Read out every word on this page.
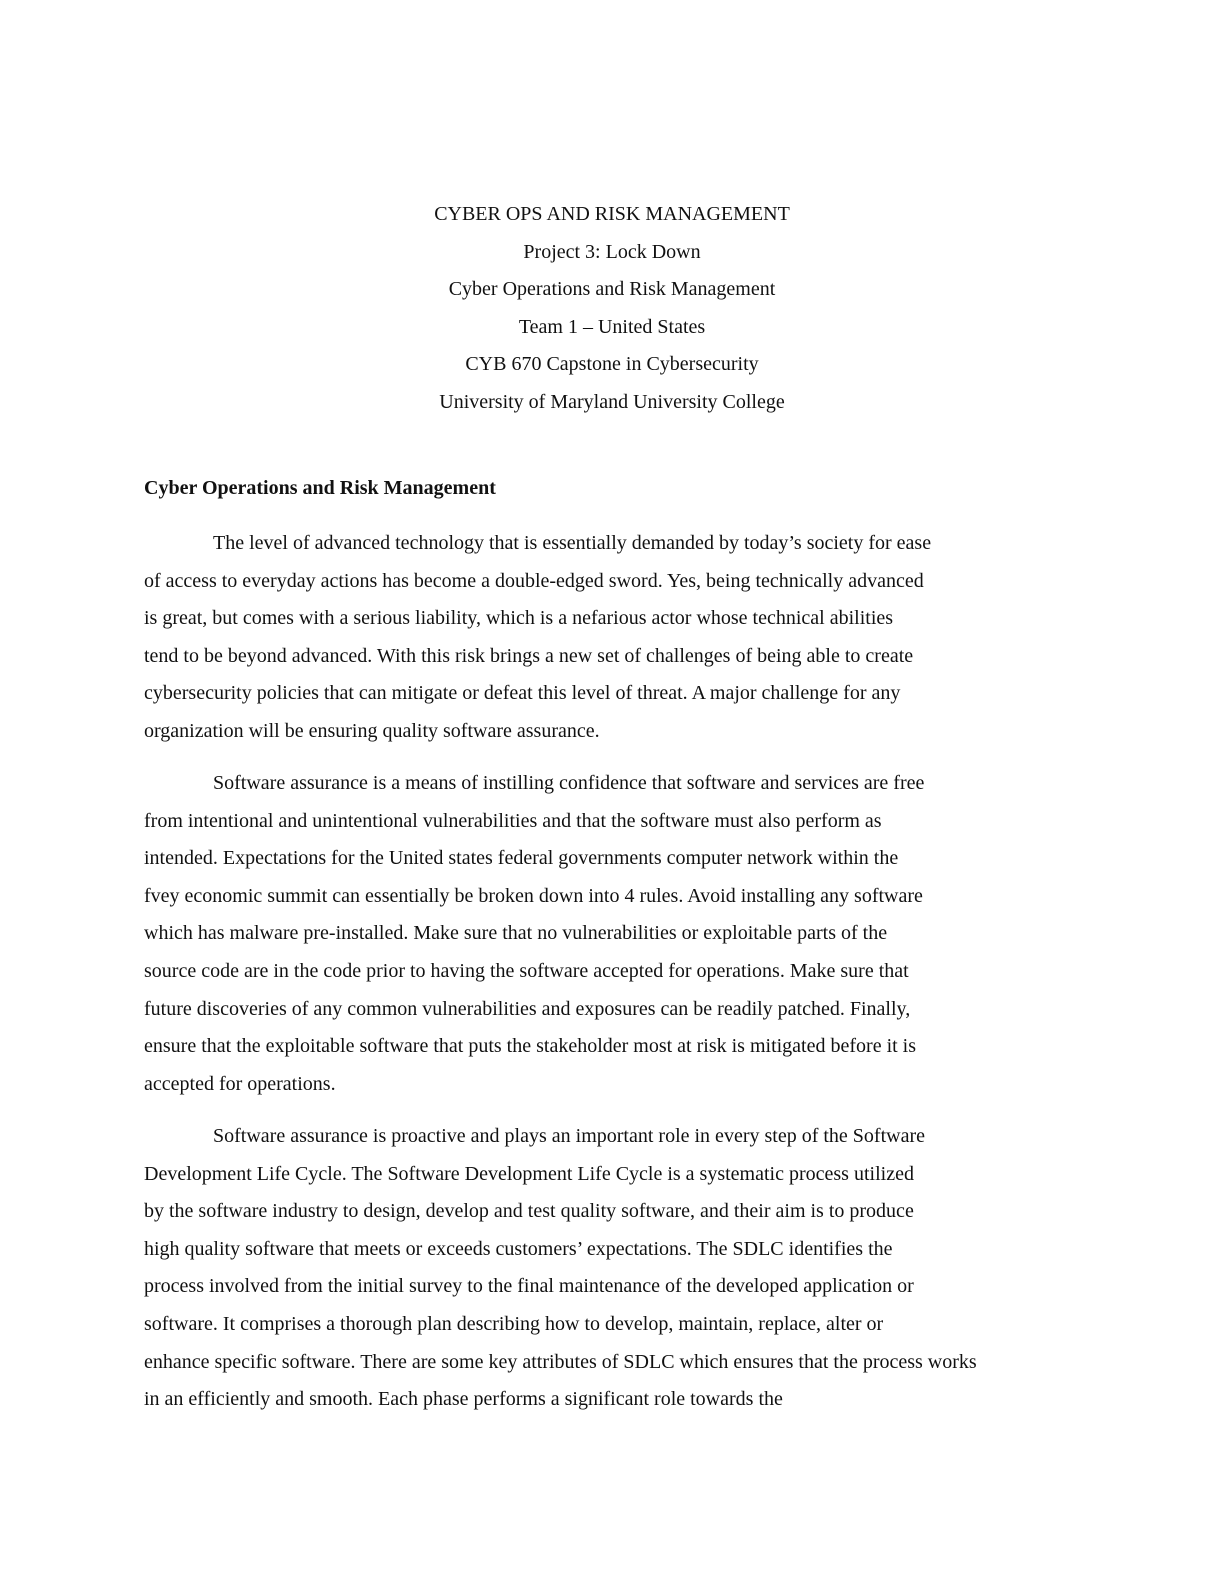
CYBER OPS AND RISK MANAGEMENT
Project 3: Lock Down
Cyber Operations and Risk Management
Team 1 – United States
CYB 670 Capstone in Cybersecurity
University of Maryland University College
Cyber Operations and Risk Management
The level of advanced technology that is essentially demanded by today’s society for ease
of access to everyday actions has become a double-edged sword. Yes, being technically advanced
is great, but comes with a serious liability, which is a nefarious actor whose technical abilities
tend to be beyond advanced. With this risk brings a new set of challenges of being able to create
cybersecurity policies that can mitigate or defeat this level of threat. A major challenge for any
organization will be ensuring quality software assurance.
Software assurance is a means of instilling confidence that software and services are free
from intentional and unintentional vulnerabilities and that the software must also perform as
intended. Expectations for the United states federal governments computer network within the
fvey economic summit can essentially be broken down into 4 rules. Avoid installing any software
which has malware pre-installed. Make sure that no vulnerabilities or exploitable parts of the
source code are in the code prior to having the software accepted for operations. Make sure that
future discoveries of any common vulnerabilities and exposures can be readily patched. Finally,
ensure that the exploitable software that puts the stakeholder most at risk is mitigated before it is
accepted for operations.
Software assurance is proactive and plays an important role in every step of the Software
Development Life Cycle. The Software Development Life Cycle is a systematic process utilized
by the software industry to design, develop and test quality software, and their aim is to produce
high quality software that meets or exceeds customers’ expectations. The SDLC identifies the
process involved from the initial survey to the final maintenance of the developed application or
software. It comprises a thorough plan describing how to develop, maintain, replace, alter or
enhance specific software. There are some key attributes of SDLC which ensures that the process works
in an efficiently and smooth. Each phase performs a significant role towards the
